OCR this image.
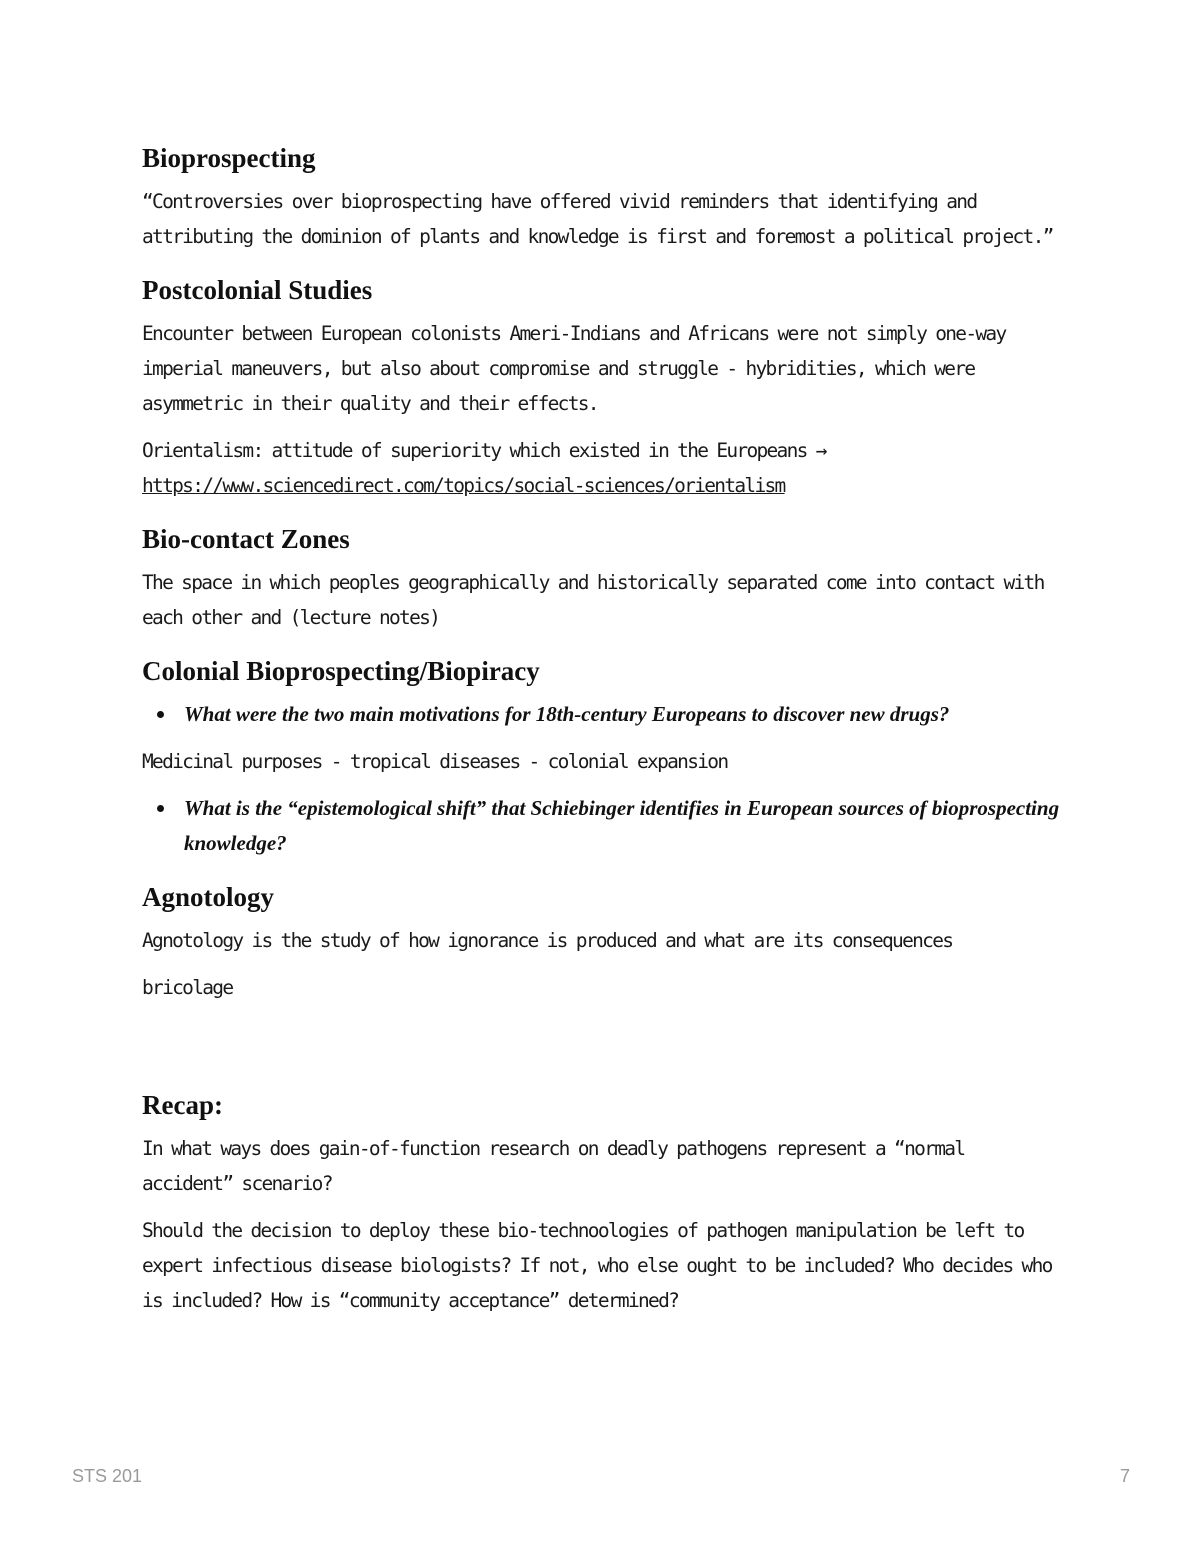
Bioprospecting

“Controversies over bioprospecting have offered vivid reminders that identifying and attributing the dominion of plants and knowledge is first and foremost a political project.”

Postcolonial Studies

Encounter between European colonists Ameri-Indians and Africans were not simply one-way imperial maneuvers, but also about compromise and struggle - hybridities, which were asymmetric in their quality and their effects.

Orientalism: attitude of superiority which existed in the Europeans →
https://www.sciencedirect.com/topics/social-sciences/orientalism

Bio-contact Zones

The space in which peoples geographically and historically separated come into contact with each other and (lecture notes)

Colonial Bioprospecting/Biopiracy
What were the two main motivations for 18th-century Europeans to discover new drugs?

Medicinal purposes - tropical diseases - colonial expansion

What is the “epistemological shift” that Schiebinger identifies in European sources of bioprospecting knowledge?
Agnotology

Agnotology is the study of how ignorance is produced and what are its consequences

bricolage

Recap:

In what ways does gain-of-function research on deadly pathogens represent a “normal accident” scenario?

Should the decision to deploy these bio-technoologies of pathogen manipulation be left to expert infectious disease biologists? If not, who else ought to be included? Who decides who is included? How is “community acceptance” determined?

STS 201	7
